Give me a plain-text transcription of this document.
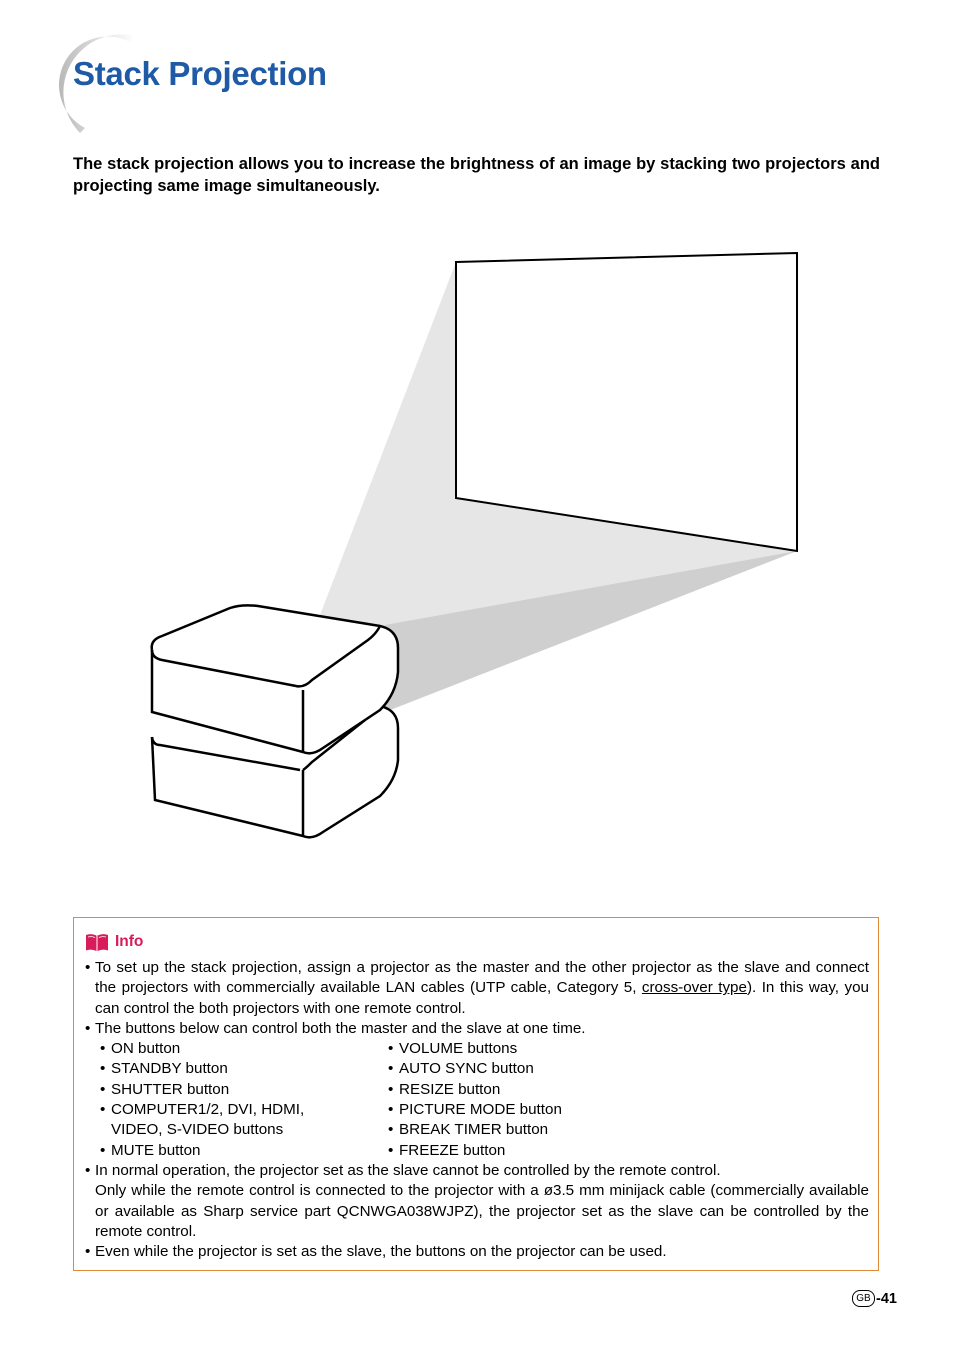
Stack Projection

The stack projection allows you to increase the brightness of an image by stacking two projectors and projecting same image simultaneously.

Info
• To set up the stack projection, assign a projector as the master and the other projector as the slave and connect the projectors with commercially available LAN cables (UTP cable, Category 5, cross-over type). In this way, you can control the both projectors with one remote control.
• The buttons below can control both the master and the slave at one time.
• ON button
• STANDBY button
• SHUTTER button
• COMPUTER1/2, DVI, HDMI, VIDEO, S-VIDEO buttons
• MUTE button
• VOLUME buttons
• AUTO SYNC button
• RESIZE button
• PICTURE MODE button
• BREAK TIMER button
• FREEZE button
• In normal operation, the projector set as the slave cannot be controlled by the remote control.
Only while the remote control is connected to the projector with a ø3.5 mm minijack cable (commercially available or available as Sharp service part QCNWGA038WJPZ), the projector set as the slave can be controlled by the remote control.
• Even while the projector is set as the slave, the buttons on the projector can be used.
GB -41
